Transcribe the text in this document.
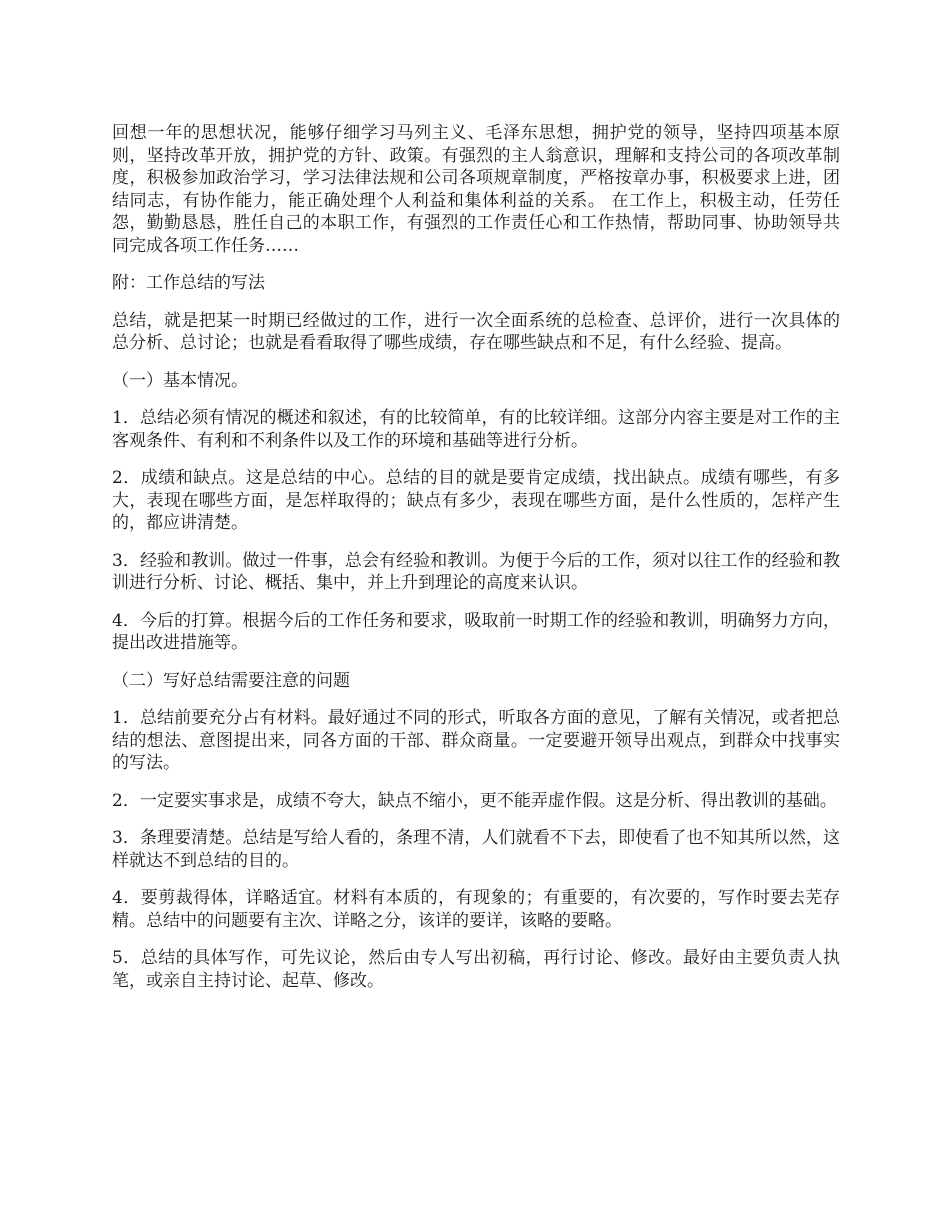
回想一年的思想状况，能够仔细学习马列主义、毛泽东思想，拥护党的领导，坚持四项基本原则，坚持改革开放，拥护党的方针、政策。有强烈的主人翁意识，理解和支持公司的各项改革制度，积极参加政治学习，学习法律法规和公司各项规章制度，严格按章办事，积极要求上进，团结同志，有协作能力，能正确处理个人利益和集体利益的关系。 在工作上，积极主动，任劳任怨，勤勤恳恳，胜任自己的本职工作，有强烈的工作责任心和工作热情，帮助同事、协助领导共同完成各项工作任务……

附：工作总结的写法

总结，就是把某一时期已经做过的工作，进行一次全面系统的总检查、总评价，进行一次具体的总分析、总讨论；也就是看看取得了哪些成绩，存在哪些缺点和不足，有什么经验、提高。

（一）基本情况。

1．总结必须有情况的概述和叙述，有的比较简单，有的比较详细。这部分内容主要是对工作的主客观条件、有利和不利条件以及工作的环境和基础等进行分析。

2．成绩和缺点。这是总结的中心。总结的目的就是要肯定成绩，找出缺点。成绩有哪些，有多大，表现在哪些方面，是怎样取得的；缺点有多少，表现在哪些方面，是什么性质的，怎样产生的，都应讲清楚。

3．经验和教训。做过一件事，总会有经验和教训。为便于今后的工作，须对以往工作的经验和教训进行分析、讨论、概括、集中，并上升到理论的高度来认识。

4．今后的打算。根据今后的工作任务和要求，吸取前一时期工作的经验和教训，明确努力方向，提出改进措施等。

（二）写好总结需要注意的问题

1．总结前要充分占有材料。最好通过不同的形式，听取各方面的意见，了解有关情况，或者把总结的想法、意图提出来，同各方面的干部、群众商量。一定要避开领导出观点，到群众中找事实的写法。

2．一定要实事求是，成绩不夸大，缺点不缩小，更不能弄虚作假。这是分析、得出教训的基础。

3．条理要清楚。总结是写给人看的，条理不清，人们就看不下去，即使看了也不知其所以然，这样就达不到总结的目的。

4．要剪裁得体，详略适宜。材料有本质的，有现象的；有重要的，有次要的，写作时要去芜存精。总结中的问题要有主次、详略之分，该详的要详，该略的要略。

5．总结的具体写作，可先议论，然后由专人写出初稿，再行讨论、修改。最好由主要负责人执笔，或亲自主持讨论、起草、修改。
